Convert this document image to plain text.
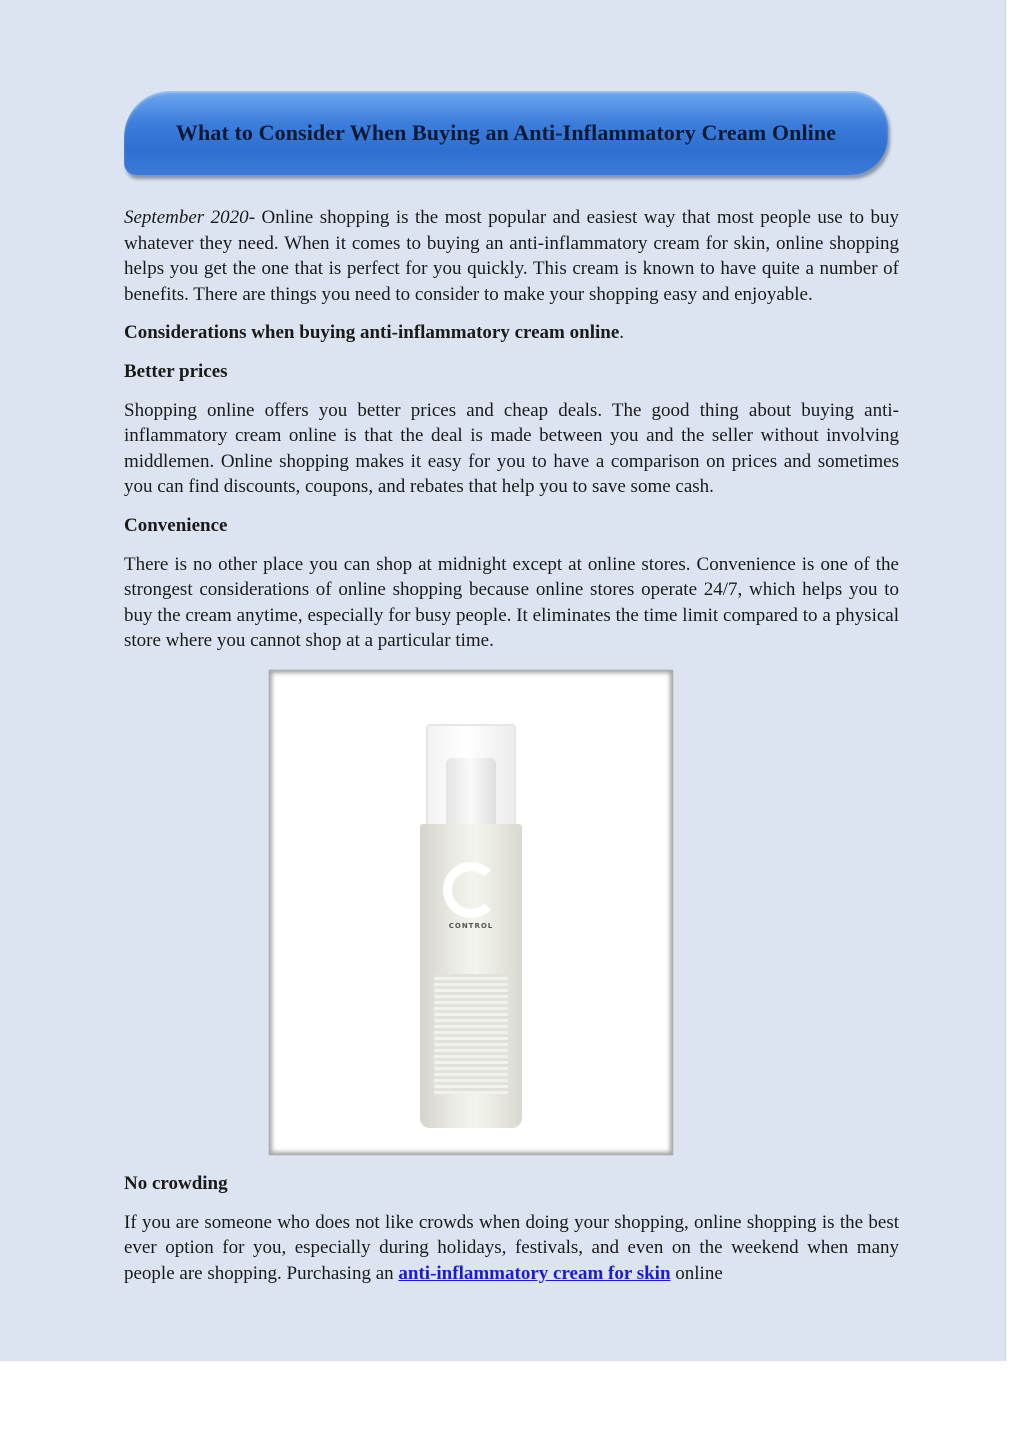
What to Consider When Buying an Anti-Inflammatory Cream Online

September 2020- Online shopping is the most popular and easiest way that most people use to buy whatever they need. When it comes to buying an anti-inflammatory cream for skin, online shopping helps you get the one that is perfect for you quickly. This cream is known to have quite a number of benefits. There are things you need to consider to make your shopping easy and enjoyable.

Considerations when buying anti-inflammatory cream online.

Better prices

Shopping online offers you better prices and cheap deals. The good thing about buying anti-inflammatory cream online is that the deal is made between you and the seller without involving middlemen. Online shopping makes it easy for you to have a comparison on prices and sometimes you can find discounts, coupons, and rebates that help you to save some cash.

Convenience

There is no other place you can shop at midnight except at online stores. Convenience is one of the strongest considerations of online shopping because online stores operate 24/7, which helps you to buy the cream anytime, especially for busy people. It eliminates the time limit compared to a physical store where you cannot shop at a particular time.

CONTROL

No crowding

If you are someone who does not like crowds when doing your shopping, online shopping is the best ever option for you, especially during holidays, festivals, and even on the weekend when many people are shopping. Purchasing an anti-inflammatory cream for skin online
